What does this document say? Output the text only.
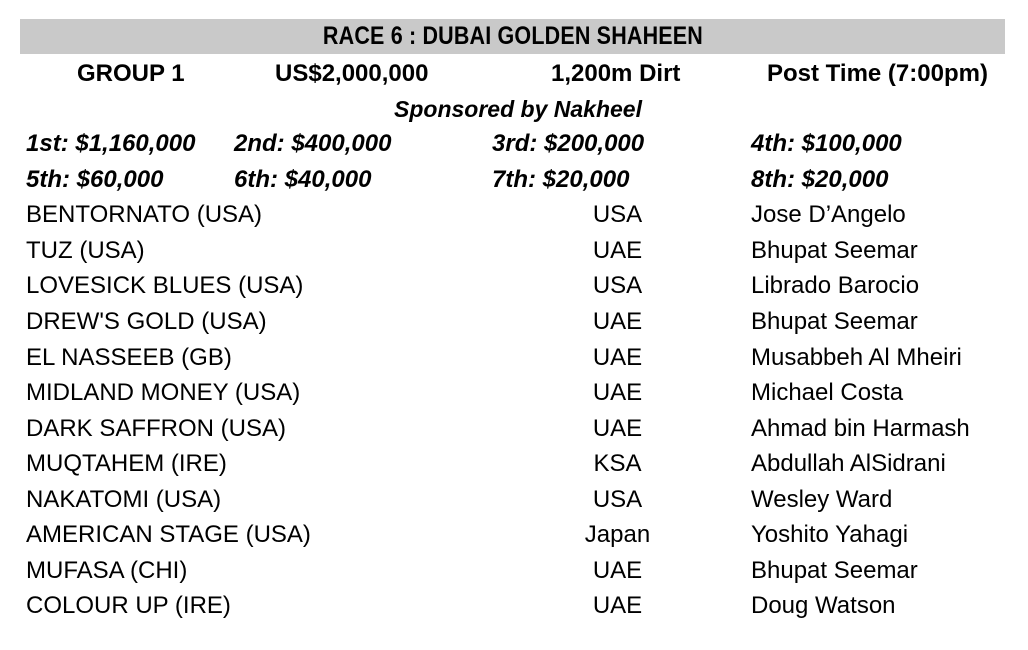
RACE 6 : DUBAI GOLDEN SHAHEEN
GROUP 1	US$2,000,000	1,200m Dirt	Post Time (7:00pm)
Sponsored by Nakheel
1st: $1,160,000 2nd: $400,000	3rd: $200,000	4th: $100,000
5th: $60,000	6th: $40,000	7th: $20,000	8th: $20,000
BENTORNATO (USA)	USA	Jose D’Angelo
TUZ (USA)	UAE	Bhupat Seemar
LOVESICK BLUES (USA)	USA	Librado Barocio
DREW'S GOLD (USA)	UAE	Bhupat Seemar
EL NASSEEB (GB)	UAE	Musabbeh Al Mheiri
MIDLAND MONEY (USA)	UAE	Michael Costa
DARK SAFFRON (USA)	UAE	Ahmad bin Harmash
MUQTAHEM (IRE)	KSA	Abdullah AlSidrani
NAKATOMI (USA)	USA	Wesley Ward
AMERICAN STAGE (USA)	Japan	Yoshito Yahagi
MUFASA (CHI)	UAE	Bhupat Seemar
COLOUR UP (IRE)	UAE	Doug Watson
